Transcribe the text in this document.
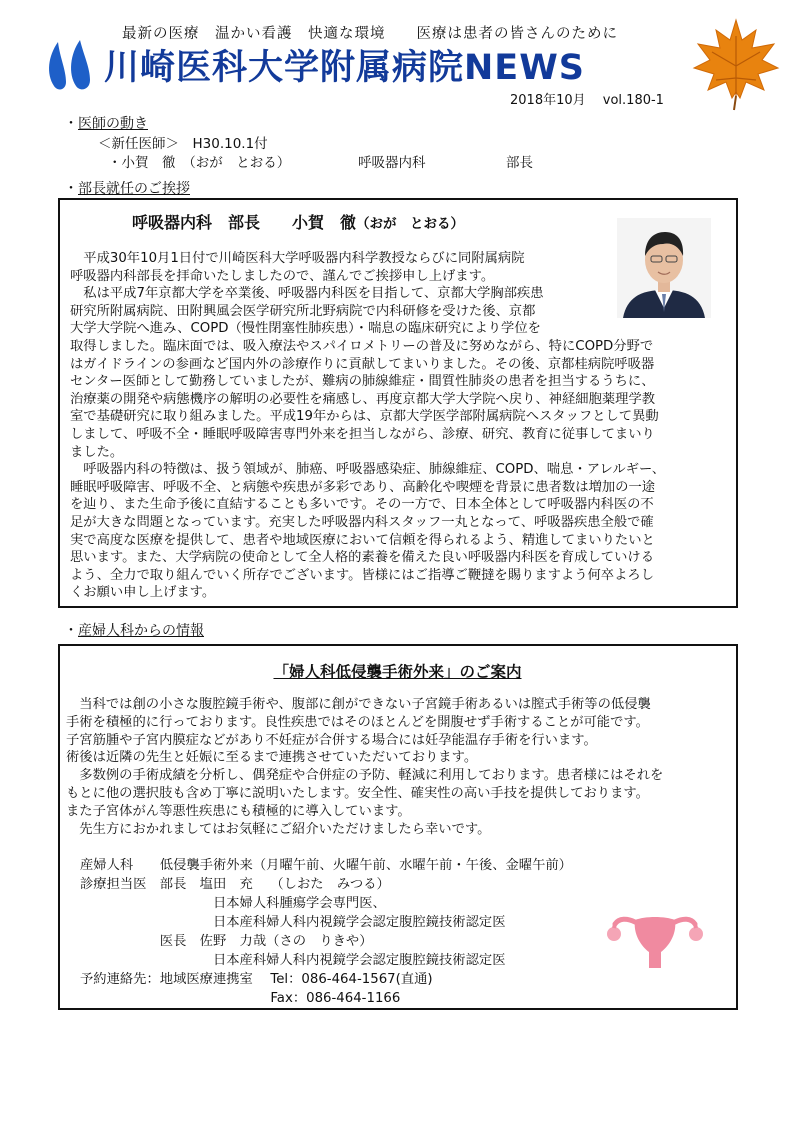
最新の医療　温かい看護　快適な環境　　医療は患者の皆さんのために
川崎医科大学附属病院NEWS
2018年10月　 vol.180-1
・医師の動き
＜新任医師＞　 H30.10.1付
・小賀　徹　（おが　とおる）	呼吸器内科	部長
・部長就任のご挨拶
呼吸器内科　部長　　小賀　徹（おが　とおる）
　平成30年10月1日付で川崎医科大学呼吸器内科学教授ならびに同附属病院
呼吸器内科部長を拝命いたしましたので、謹んでご挨拶申し上げます。
　私は平成7年京都大学を卒業後、呼吸器内科医を目指して、京都大学胸部疾患
研究所附属病院、田附興風会医学研究所北野病院で内科研修を受けた後、京都
大学大学院へ進み、COPD（慢性閉塞性肺疾患）・喘息の臨床研究により学位を
取得しました。臨床面では、吸入療法やスパイロメトリーの普及に努めながら、特にCOPD分野で
はガイドラインの参画など国内外の診療作りに貢献してまいりました。その後、京都桂病院呼吸器
センター医師として勤務していましたが、難病の肺線維症・間質性肺炎の患者を担当するうちに、
治療薬の開発や病態機序の解明の必要性を痛感し、再度京都大学大学院へ戻り、神経細胞薬理学教
室で基礎研究に取り組みました。平成19年からは、京都大学医学部附属病院へスタッフとして異動
しまして、呼吸不全・睡眠呼吸障害専門外来を担当しながら、診療、研究、教育に従事してまいり
ました。
　呼吸器内科の特徴は、扱う領域が、肺癌、呼吸器感染症、肺線維症、COPD、喘息・アレルギー、
睡眠呼吸障害、呼吸不全、と病態や疾患が多彩であり、高齢化や喫煙を背景に患者数は増加の一途
を辿り、また生命予後に直結することも多いです。その一方で、日本全体として呼吸器内科医の不
足が大きな問題となっています。充実した呼吸器内科スタッフ一丸となって、呼吸器疾患全般で確
実で高度な医療を提供して、患者や地域医療において信頼を得られるよう、精進してまいりたいと
思います。また、大学病院の使命として全人格的素養を備えた良い呼吸器内科医を育成していける
よう、全力で取り組んでいく所存でございます。皆様にはご指導ご鞭撻を賜りますよう何卒よろし
くお願い申し上げます。
・産婦人科からの情報
「婦人科低侵襲手術外来」のご案内
　当科では創の小さな腹腔鏡手術や、腹部に創ができない子宮鏡手術あるいは膣式手術等の低侵襲
手術を積極的に行っております。良性疾患ではそのほとんどを開腹せず手術することが可能です。
子宮筋腫や子宮内膜症などがあり不妊症が合併する場合には妊孕能温存手術を行います。
術後は近隣の先生と妊娠に至るまで連携させていただいております。
　多数例の手術成績を分析し、偶発症や合併症の予防、軽減に利用しております。患者様にはそれを
もとに他の選択肢も含め丁寧に説明いたします。安全性、確実性の高い手技を提供しております。
また子宮体がん等悪性疾患にも積極的に導入しています。
　先生方におかれましてはお気軽にご紹介いただけましたら幸いです。
産婦人科　　低侵襲手術外来（月曜午前、火曜午前、水曜午前・午後、金曜午前）
診療担当医　部長　塩田　充　 （しおた　みつる）
　　　　　　　　　　日本婦人科腫瘍学会専門医、
　　　　　　　　　　日本産科婦人科内視鏡学会認定腹腔鏡技術認定医
　　　　　　医長　佐野　力哉（さの　りきや）
　　　　　　　　　　日本産科婦人科内視鏡学会認定腹腔鏡技術認定医
予約連絡先：地域医療連携室　 Tel：086-464-1567(直通)
　　　　　　　　　　　　　　 Fax：086-464-1166
